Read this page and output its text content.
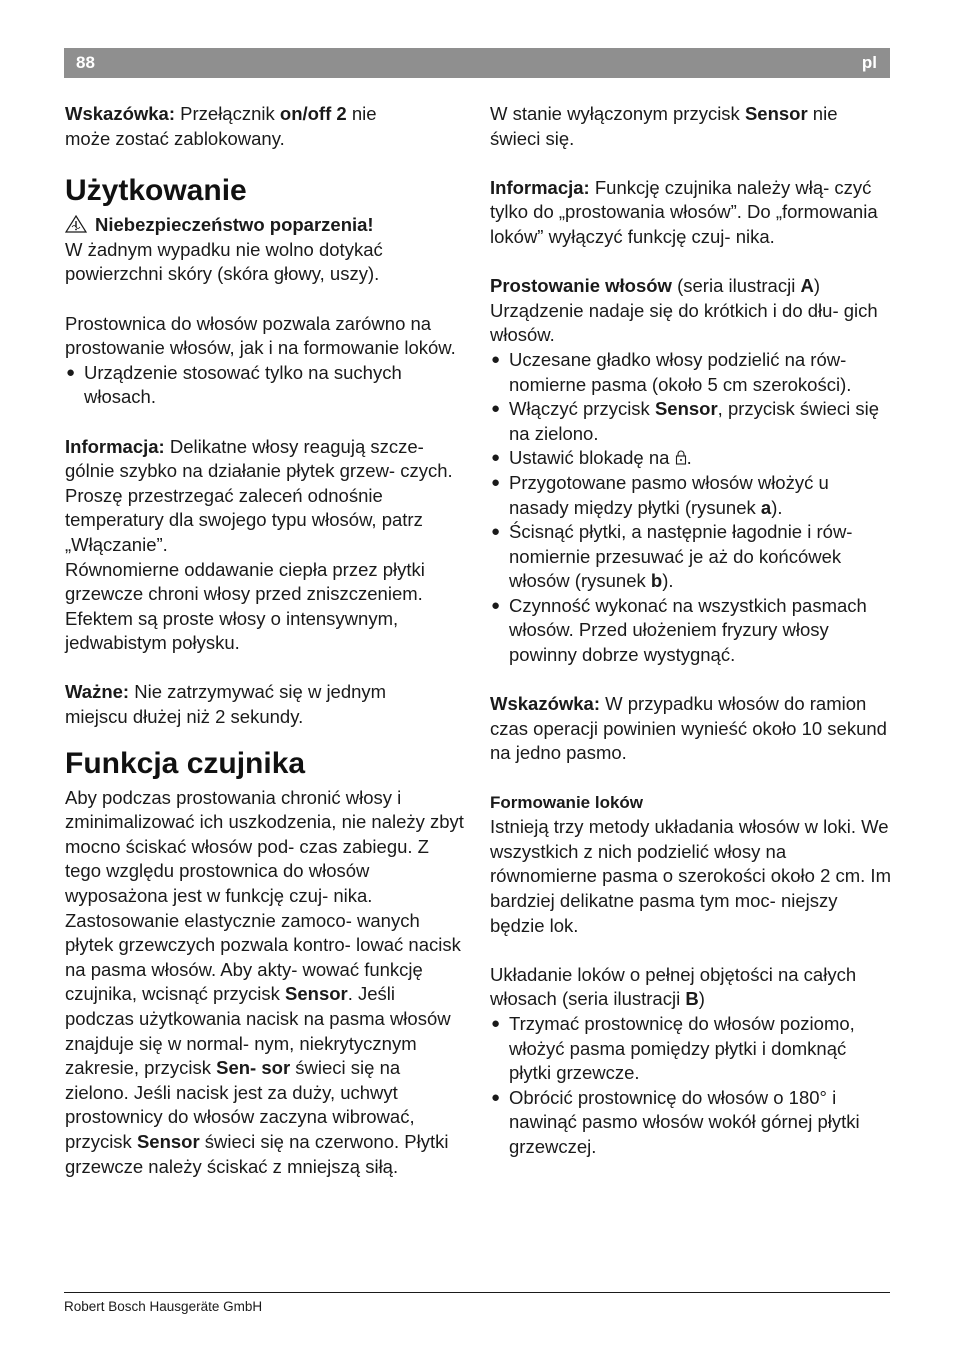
88	pl

Wskazówka: Przełącznik on/off 2 nie może zostać zablokowany.

Użytkowanie

Niebezpieczeństwo poparzenia!

W żadnym wypadku nie wolno dotykać powierzchni skóry (skóra głowy, uszy).

Prostownica do włosów pozwala zarówno na prostowanie włosów, jak i na formowanie loków.

● Urządzenie stosować tylko na suchych włosach.

Informacja: Delikatne włosy reagują szcze- gólnie szybko na działanie płytek grzew- czych.

Proszę przestrzegać zaleceń odnośnie temperatury dla swojego typu włosów, patrz „Włączanie”.

Równomierne oddawanie ciepła przez płytki grzewcze chroni włosy przed zniszczeniem. Efektem są proste włosy o intensywnym, jedwabistym połysku.

Ważne: Nie zatrzymywać się w jednym miejscu dłużej niż 2 sekundy.

Funkcja czujnika

Aby podczas prostowania chronić włosy i zminimalizować ich uszkodzenia, nie należy zbyt mocno ściskać włosów pod- czas zabiegu. Z tego względu prostownica do włosów wyposażona jest w funkcję czuj- nika. Zastosowanie elastycznie zamoco- wanych płytek grzewczych pozwala kontro- lować nacisk na pasma włosów. Aby akty- wować funkcję czujnika, wcisnąć przycisk Sensor. Jeśli podczas użytkowania nacisk na pasma włosów znajduje się w normal- nym, niekrytycznym zakresie, przycisk Sen- sor świeci się na zielono. Jeśli nacisk jest za duży, uchwyt prostownicy do włosów zaczyna wibrować, przycisk Sensor świeci się na czerwono. Płytki grzewcze należy ściskać z mniejszą siłą.

W stanie wyłączonym przycisk Sensor nie świeci się.

Informacja: Funkcję czujnika należy włą- czyć tylko do „prostowania włosów”. Do „formowania loków” wyłączyć funkcję czuj- nika.

Prostowanie włosów (seria ilustracji A)

Urządzenie nadaje się do krótkich i do dłu- gich włosów.

● Uczesane gładko włosy podzielić na rów- nomierne pasma (około 5 cm szerokości).
● Włączyć przycisk Sensor, przycisk świeci się na zielono.
● Ustawić blokadę na .
● Przygotowane pasmo włosów włożyć u nasady między płytki (rysunek a).
● Ścisnąć płytki, a następnie łagodnie i rów- nomiernie przesuwać je aż do końcówek włosów (rysunek b).
● Czynność wykonać na wszystkich pasmach włosów. Przed ułożeniem fryzury włosy powinny dobrze wystygnąć.

Wskazówka: W przypadku włosów do ramion czas operacji powinien wynieść około 10 sekund na jedno pasmo.

Formowanie loków

Istnieją trzy metody układania włosów w loki. We wszystkich z nich podzielić włosy na równomierne pasma o szerokości około 2 cm. Im bardziej delikatne pasma tym moc- niejszy będzie lok.

Układanie loków o pełnej objętości na całych włosach (seria ilustracji B)

● Trzymać prostownicę do włosów poziomo, włożyć pasma pomiędzy płytki i domknąć płytki grzewcze.
● Obrócić prostownicę do włosów o 180° i nawinąć pasmo włosów wokół górnej płytki grzewczej.
Robert Bosch Hausgeräte GmbH
